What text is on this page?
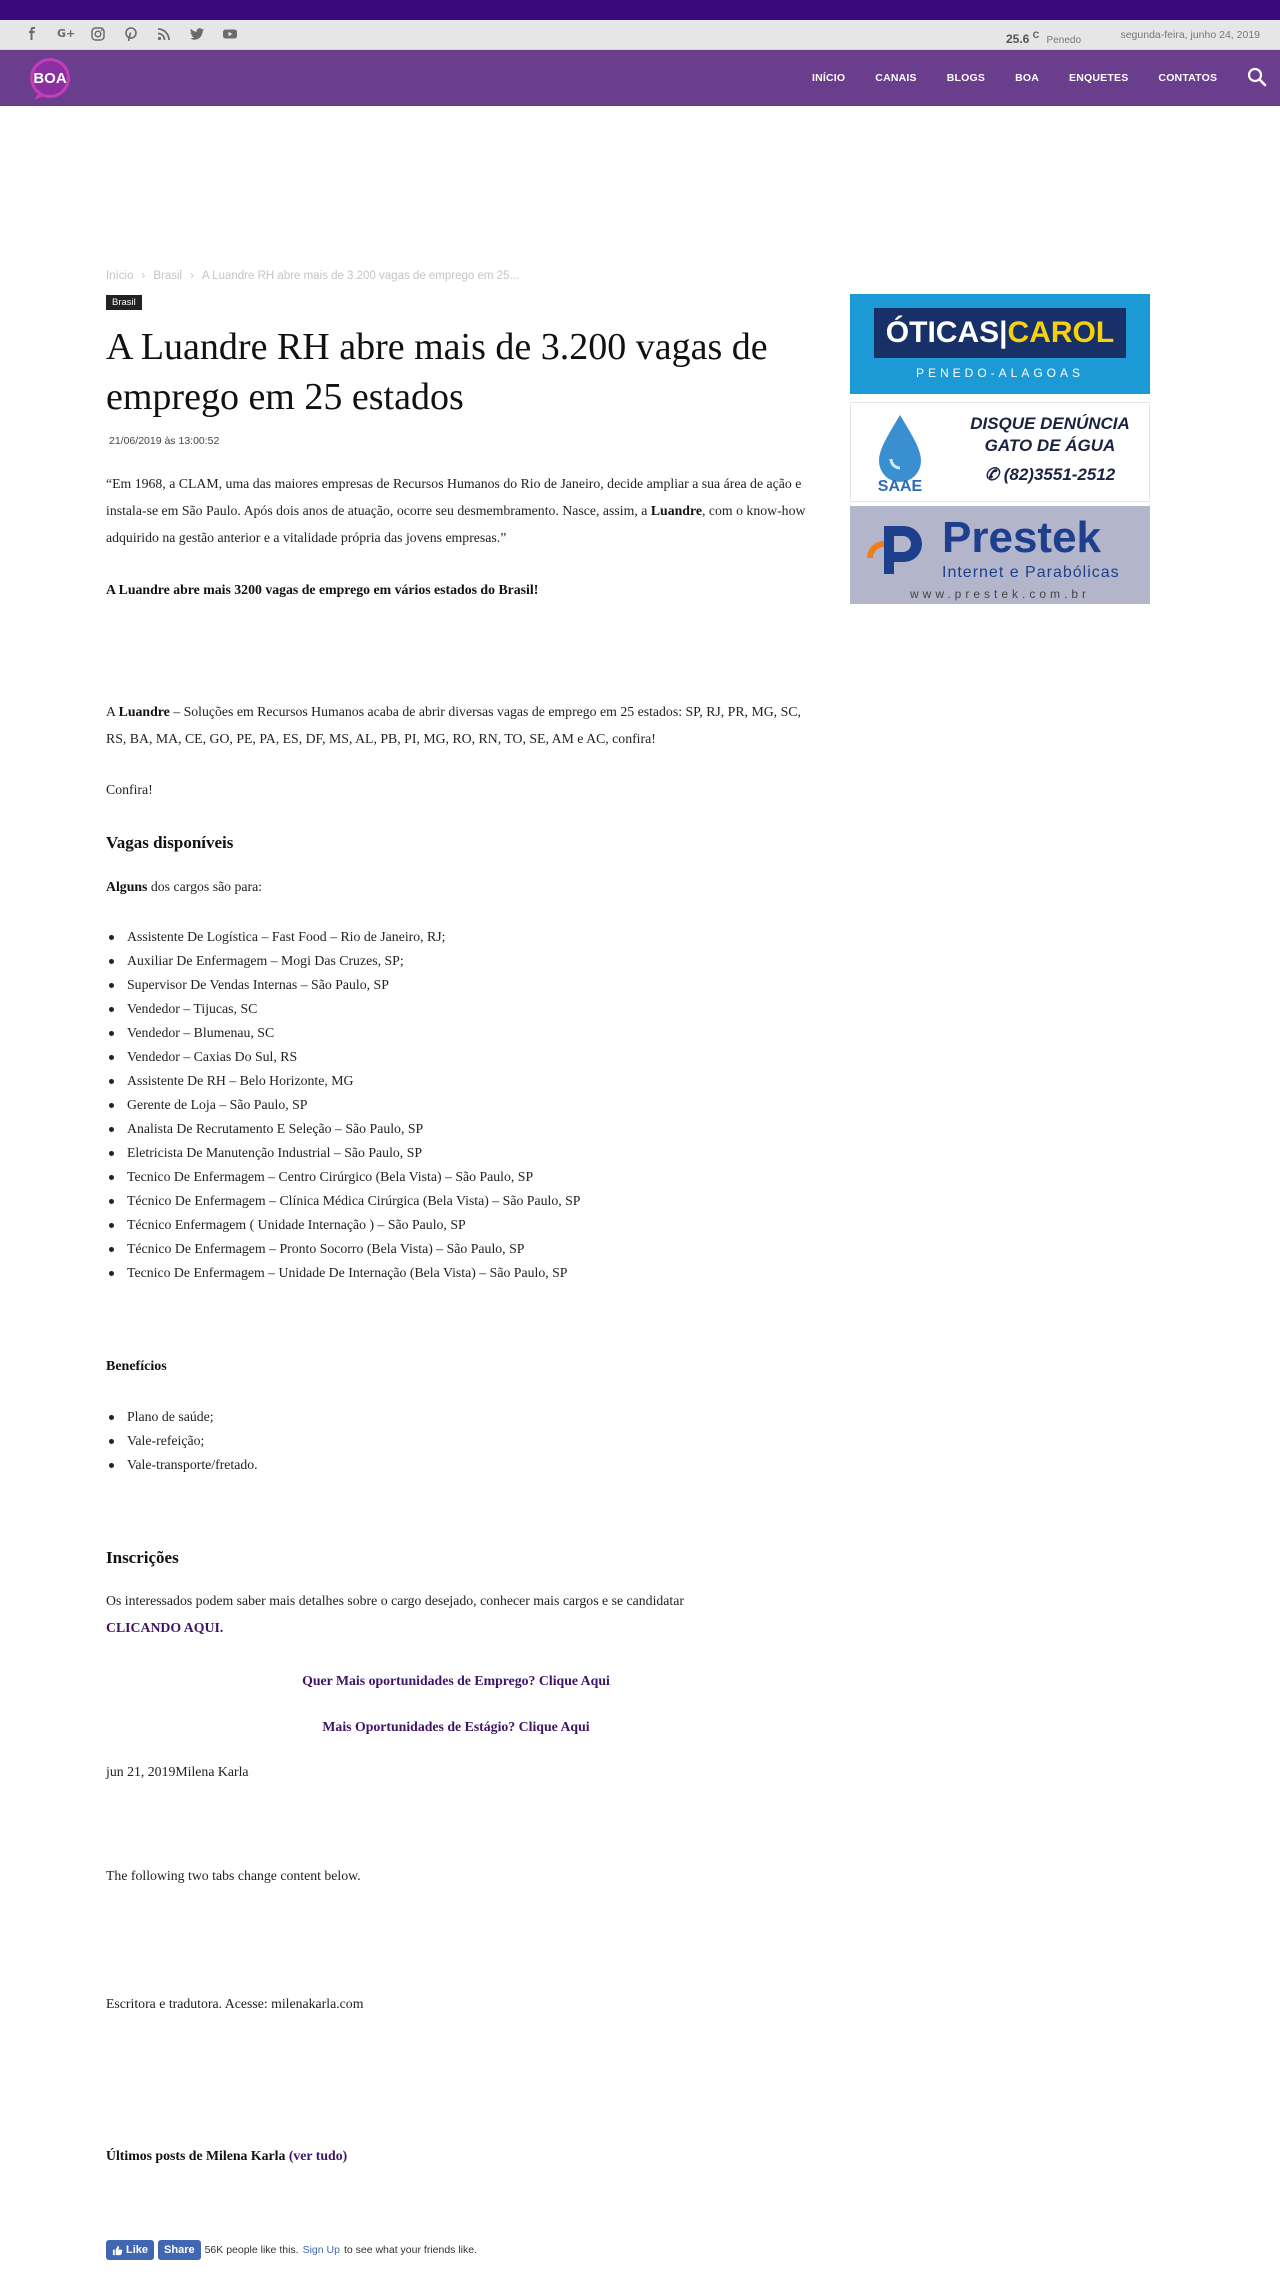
G+	25.6 $^C$ Penedo	segunda-feira, junho 24, 2019
BOA	INÍCIO	CANAIS	BLOGS	BOA	ENQUETES	CONTATOS
Início › Brasil › A Luandre RH abre mais de 3.200 vagas de emprego em 25...
Brasil
A Luandre RH abre mais de 3.200 vagas de emprego em 25 estados
21/06/2019 às 13:00:52

“Em 1968, a CLAM, uma das maiores empresas de Recursos Humanos do Rio de Janeiro, decide ampliar a sua área de ação e instala-se em São Paulo. Após dois anos de atuação, ocorre seu desmembramento. Nasce, assim, a Luandre, com o know-how adquirido na gestão anterior e a vitalidade própria das jovens empresas.”

A Luandre abre mais 3200 vagas de emprego em vários estados do Brasil!

A Luandre – Soluções em Recursos Humanos acaba de abrir diversas vagas de emprego em 25 estados: SP, RJ, PR, MG, SC, RS, BA, MA, CE, GO, PE, PA, ES, DF, MS, AL, PB, PI, MG, RO, RN, TO, SE, AM e AC, confira!

Confira!

Vagas disponíveis

Alguns dos cargos são para:

Assistente De Logística – Fast Food – Rio de Janeiro, RJ;
Auxiliar De Enfermagem – Mogi Das Cruzes, SP;
Supervisor De Vendas Internas – São Paulo, SP
Vendedor – Tijucas, SC
Vendedor – Blumenau, SC
Vendedor – Caxias Do Sul, RS
Assistente De RH – Belo Horizonte, MG
Gerente de Loja – São Paulo, SP
Analista De Recrutamento E Seleção – São Paulo, SP
Eletricista De Manutenção Industrial – São Paulo, SP
Tecnico De Enfermagem – Centro Cirúrgico (Bela Vista) – São Paulo, SP
Técnico De Enfermagem – Clínica Médica Cirúrgica (Bela Vista) – São Paulo, SP
Técnico Enfermagem ( Unidade Internação ) – São Paulo, SP
Técnico De Enfermagem – Pronto Socorro (Bela Vista) – São Paulo, SP
Tecnico De Enfermagem – Unidade De Internação (Bela Vista) – São Paulo, SP
Benefícios
Plano de saúde;
Vale-refeição;
Vale-transporte/fretado.
Inscrições

Os interessados podem saber mais detalhes sobre o cargo desejado, conhecer mais cargos e se candidatar
CLICANDO AQUI.

Quer Mais oportunidades de Emprego? Clique Aqui

Mais Oportunidades de Estágio? Clique Aqui

jun 21, 2019Milena Karla

The following two tabs change content below.

Escritora e tradutora. Acesse: milenakarla.com

Últimos posts de Milena Karla (ver tudo)

Like	Share 56K people like this. Sign Up to see what your friends like.
ÓTICAS|CAROL
PENEDO-ALAGOAS
SAAE
DISQUE DENÚNCIA
GATO DE ÁGUA
✆ (82)3551-2512
Prestek
Internet e Parabólicas
www.prestek.com.br
